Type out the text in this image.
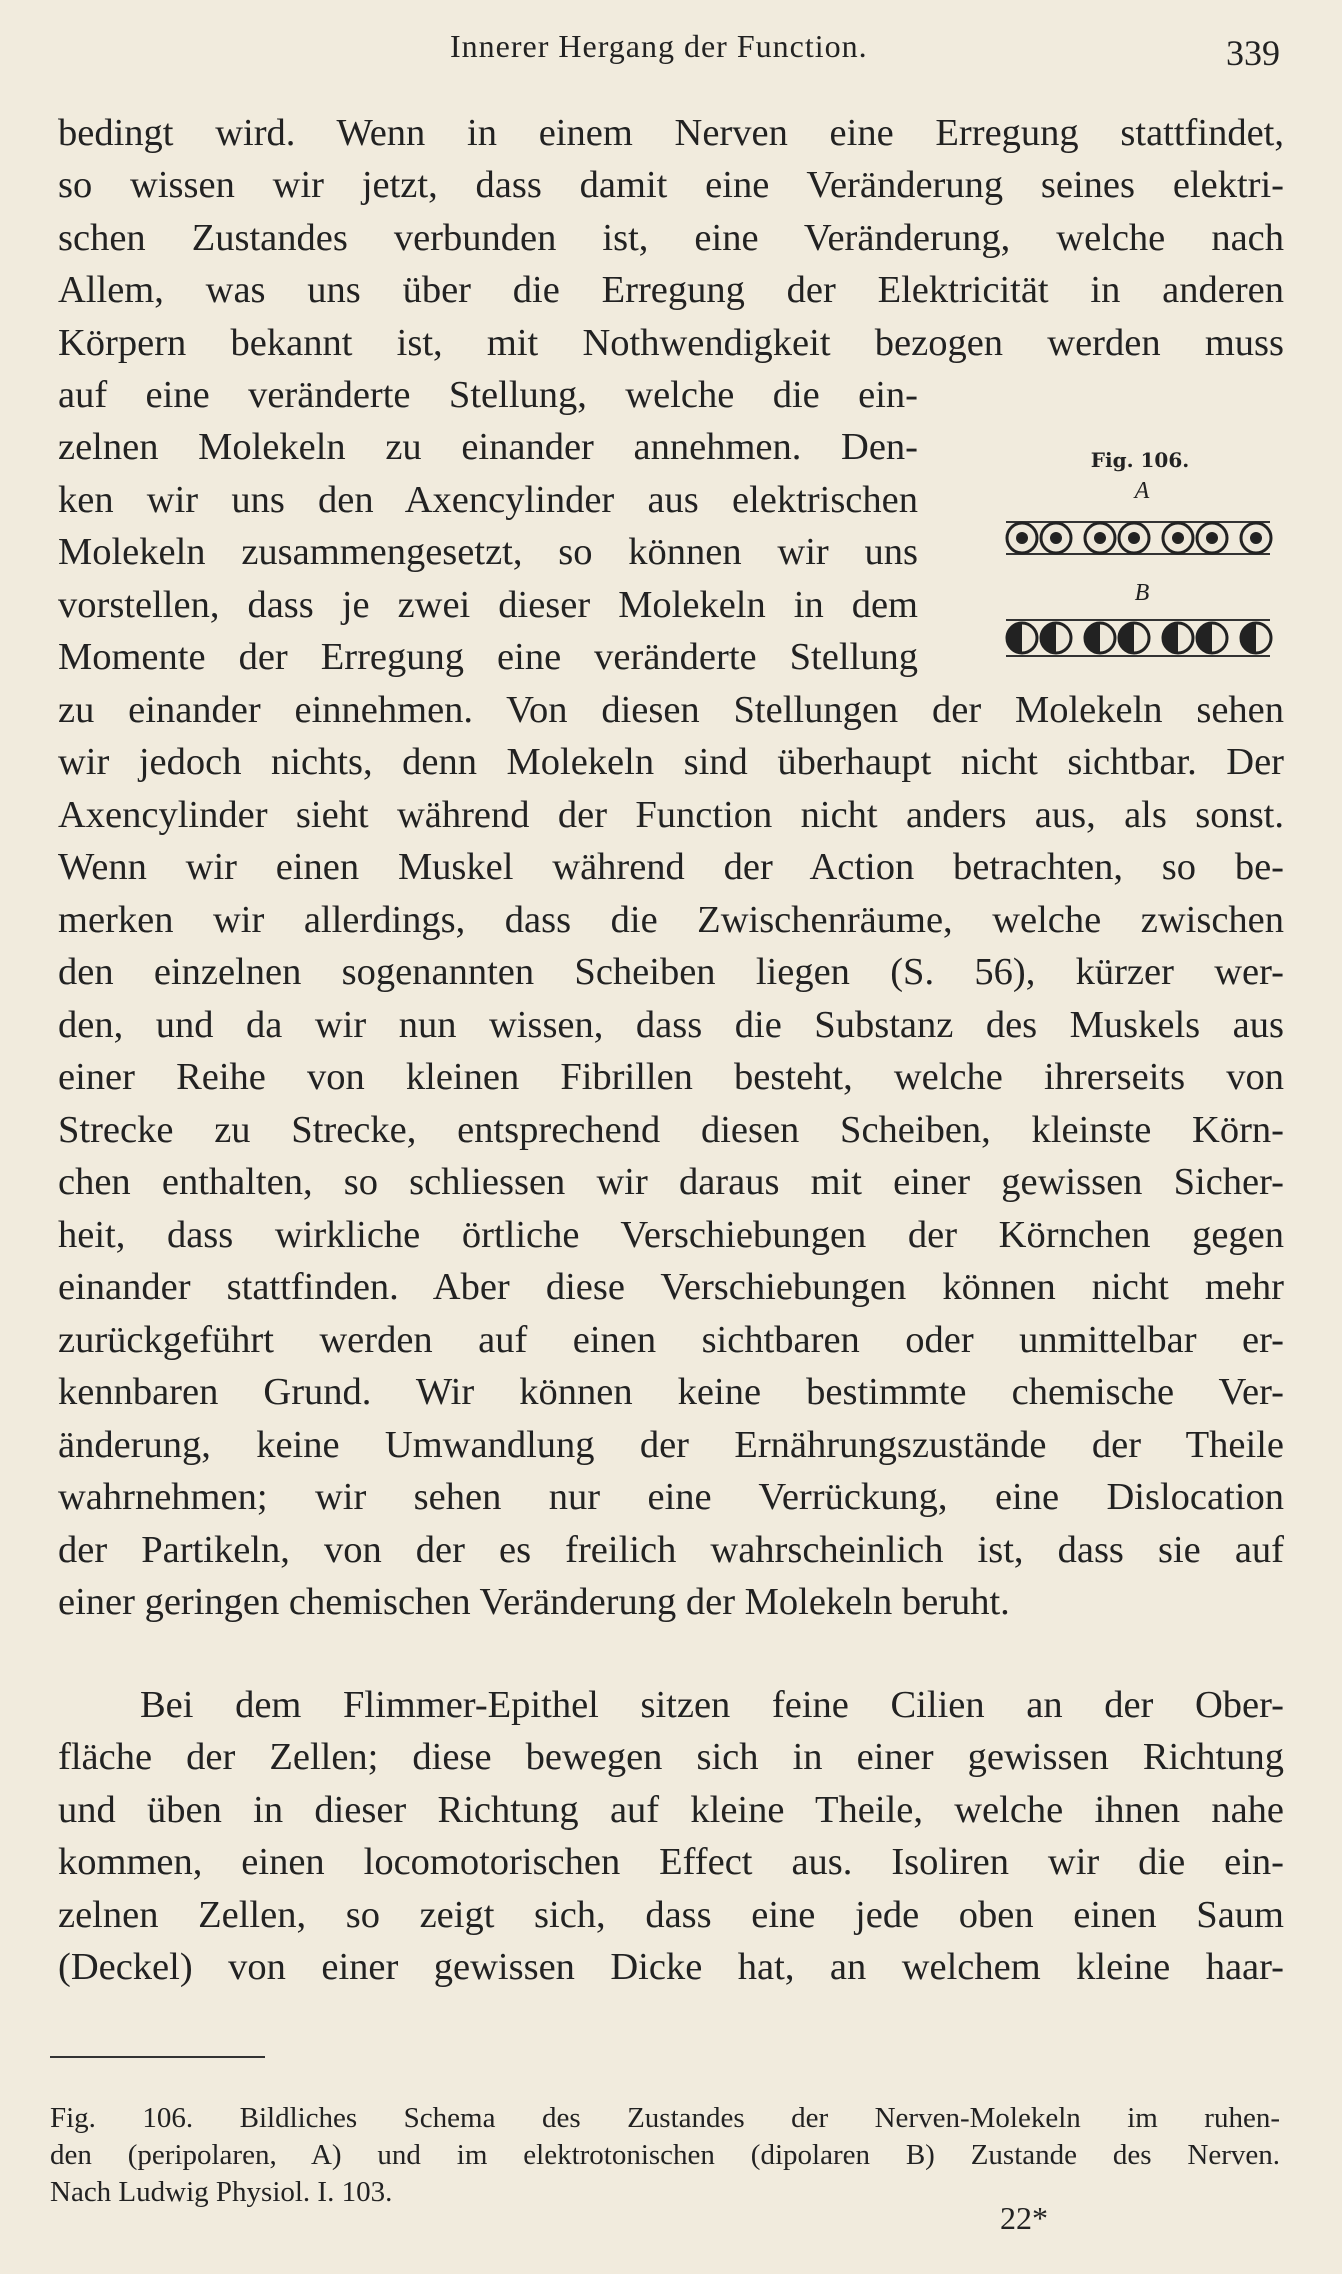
Innerer Hergang der Function.	339
bedingt wird. Wenn in einem Nerven eine Erregung stattfindet,
so wissen wir jetzt, dass damit eine Veränderung seines elektri-
schen Zustandes verbunden ist, eine Veränderung, welche nach
Allem, was uns über die Erregung der Elektricität in anderen
Körpern bekannt ist, mit Nothwendigkeit bezogen werden muss
auf eine veränderte Stellung, welche die ein-
zelnen Molekeln zu einander annehmen. Den-
ken wir uns den Axencylinder aus elektrischen
Molekeln zusammengesetzt, so können wir uns
vorstellen, dass je zwei dieser Molekeln in dem
Momente der Erregung eine veränderte Stellung
zu einander einnehmen. Von diesen Stellungen der Molekeln sehen
wir jedoch nichts, denn Molekeln sind überhaupt nicht sichtbar. Der
Axencylinder sieht während der Function nicht anders aus, als sonst.
Wenn wir einen Muskel während der Action betrachten, so be-
merken wir allerdings, dass die Zwischenräume, welche zwischen
den einzelnen sogenannten Scheiben liegen (S. 56), kürzer wer-
den, und da wir nun wissen, dass die Substanz des Muskels aus
einer Reihe von kleinen Fibrillen besteht, welche ihrerseits von
Strecke zu Strecke, entsprechend diesen Scheiben, kleinste Körn-
chen enthalten, so schliessen wir daraus mit einer gewissen Sicher-
heit, dass wirkliche örtliche Verschiebungen der Körnchen gegen
einander stattfinden. Aber diese Verschiebungen können nicht mehr
zurückgeführt werden auf einen sichtbaren oder unmittelbar er-
kennbaren Grund. Wir können keine bestimmte chemische Ver-
änderung, keine Umwandlung der Ernährungszustände der Theile
wahrnehmen; wir sehen nur eine Verrückung, eine Dislocation
der Partikeln, von der es freilich wahrscheinlich ist, dass sie auf
einer geringen chemischen Veränderung der Molekeln beruht.
Bei dem Flimmer-Epithel sitzen feine Cilien an der Ober-
fläche der Zellen; diese bewegen sich in einer gewissen Richtung
und üben in dieser Richtung auf kleine Theile, welche ihnen nahe
kommen, einen locomotorischen Effect aus. Isoliren wir die ein-
zelnen Zellen, so zeigt sich, dass eine jede oben einen Saum
(Deckel) von einer gewissen Dicke hat, an welchem kleine haar-
Fig. 106.
A
B
Fig. 106. Bildliches Schema des Zustandes der Nerven-Molekeln im ruhen-
den (peripolaren, A) und im elektrotonischen (dipolaren B) Zustande des Nerven.
Nach Ludwig Physiol. I. 103.
22*
